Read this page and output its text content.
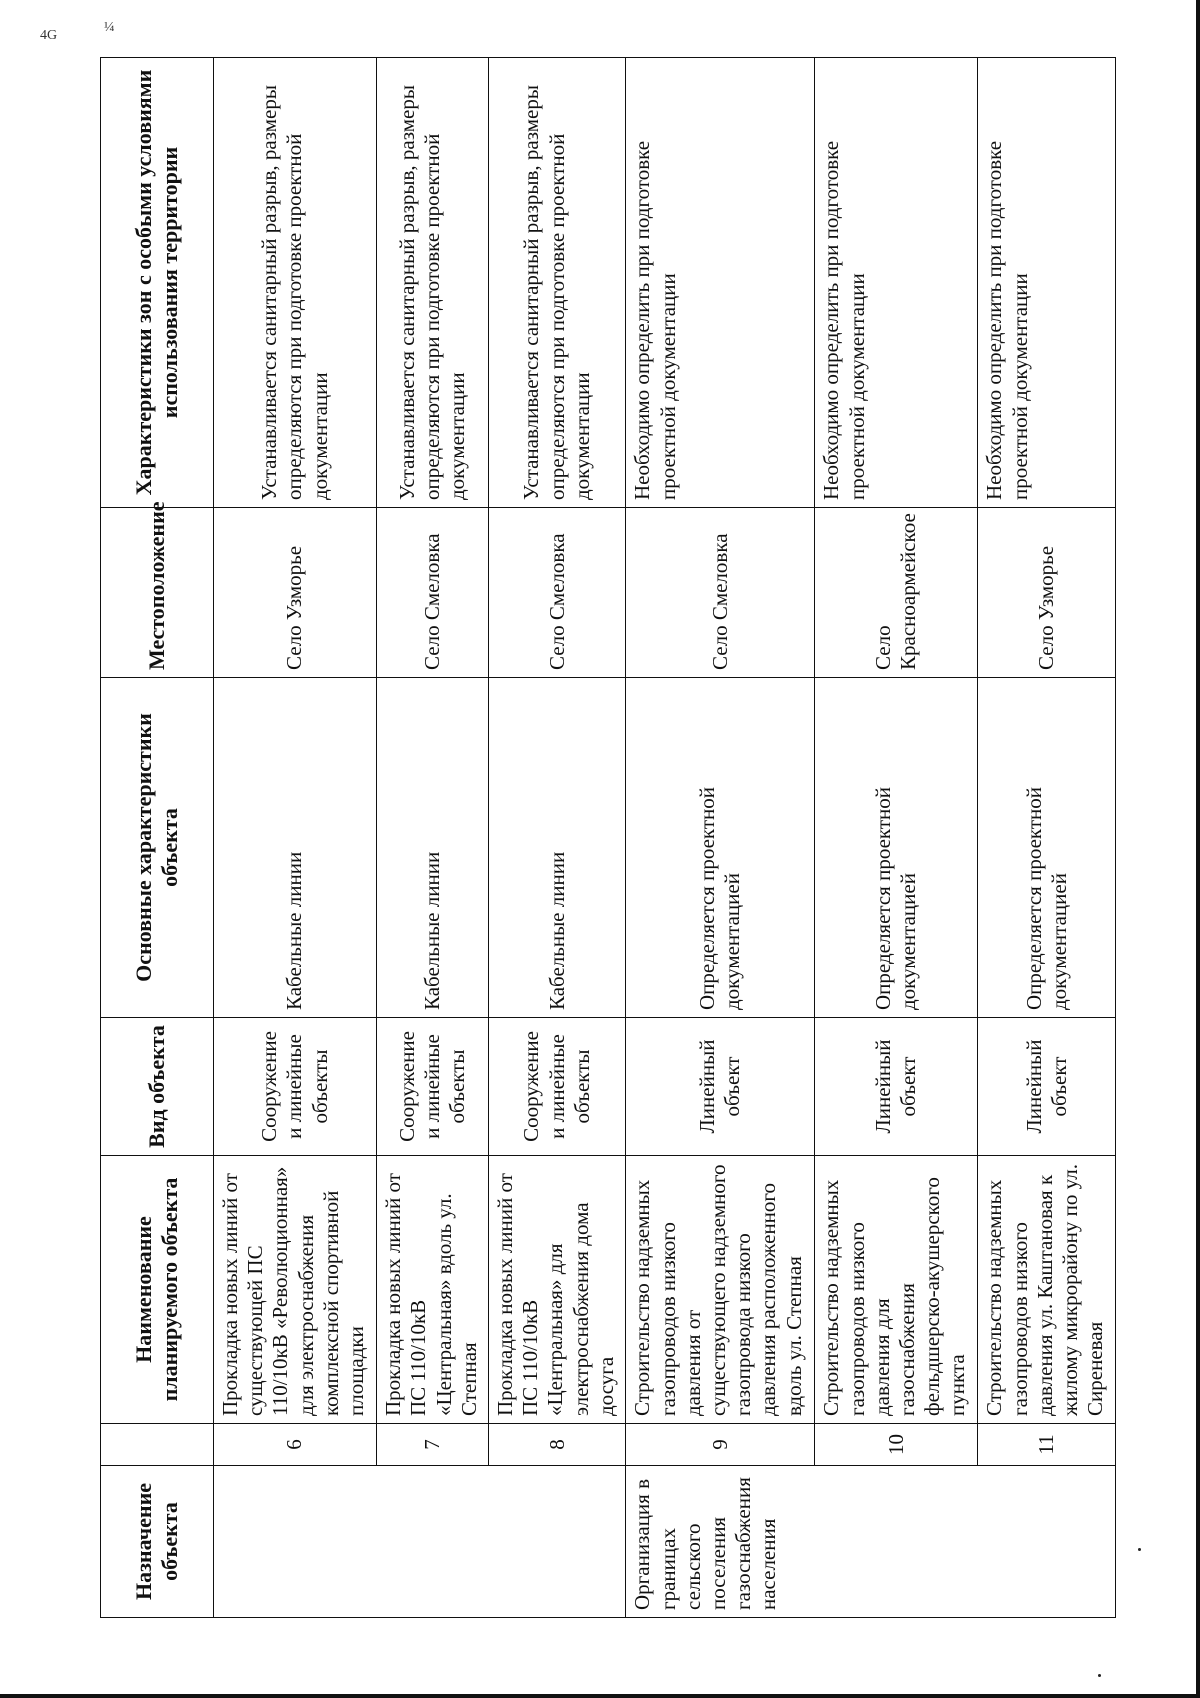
4G
¼
Назначение объекта		Наименование планируемого объекта	Вид объекта	Основные характеристики объекта	Местоположение	Характеристики зон с особыми условиями использования территории
	6	Прокладка новых линий от существующей ПС 110/10кВ «Революционная» для электроснабжения комплексной спортивной площадки	Сооружение и линейные объекты	Кабельные линии	Село Узморье	Устанавливается санитарный разрыв, размеры определяются при подготовке проектной документации
	7	Прокладка новых линий от ПС 110/10кВ «Центральная» вдоль ул. Степная	Сооружение и линейные объекты	Кабельные линии	Село Смеловка	Устанавливается санитарный разрыв, размеры определяются при подготовке проектной документации
	8	Прокладка новых линий от ПС 110/10кВ «Центральная» для электроснабжения дома досуга	Сооружение и линейные объекты	Кабельные линии	Село Смеловка	Устанавливается санитарный разрыв, размеры определяются при подготовке проектной документации
Организация в границах сельского поселения газоснабжения населения	9	Строительство надземных газопроводов низкого давления от существующего надземного газопровода низкого давления расположенного вдоль ул. Степная	Линейный объект	Определяется проектной документацией	Село Смеловка	Необходимо определить при подготовке проектной документации
	10	Строительство надземных газопроводов низкого давления для газоснабжения фельдшерско-акушерского пункта	Линейный объект	Определяется проектной документацией	Село Красноармейское	Необходимо определить при подготовке проектной документации
	11	Строительство надземных газопроводов низкого давления ул. Каштановая к жилому микрорайону по ул. Сиреневая	Линейный объект	Определяется проектной документацией	Село Узморье	Необходимо определить при подготовке проектной документации
